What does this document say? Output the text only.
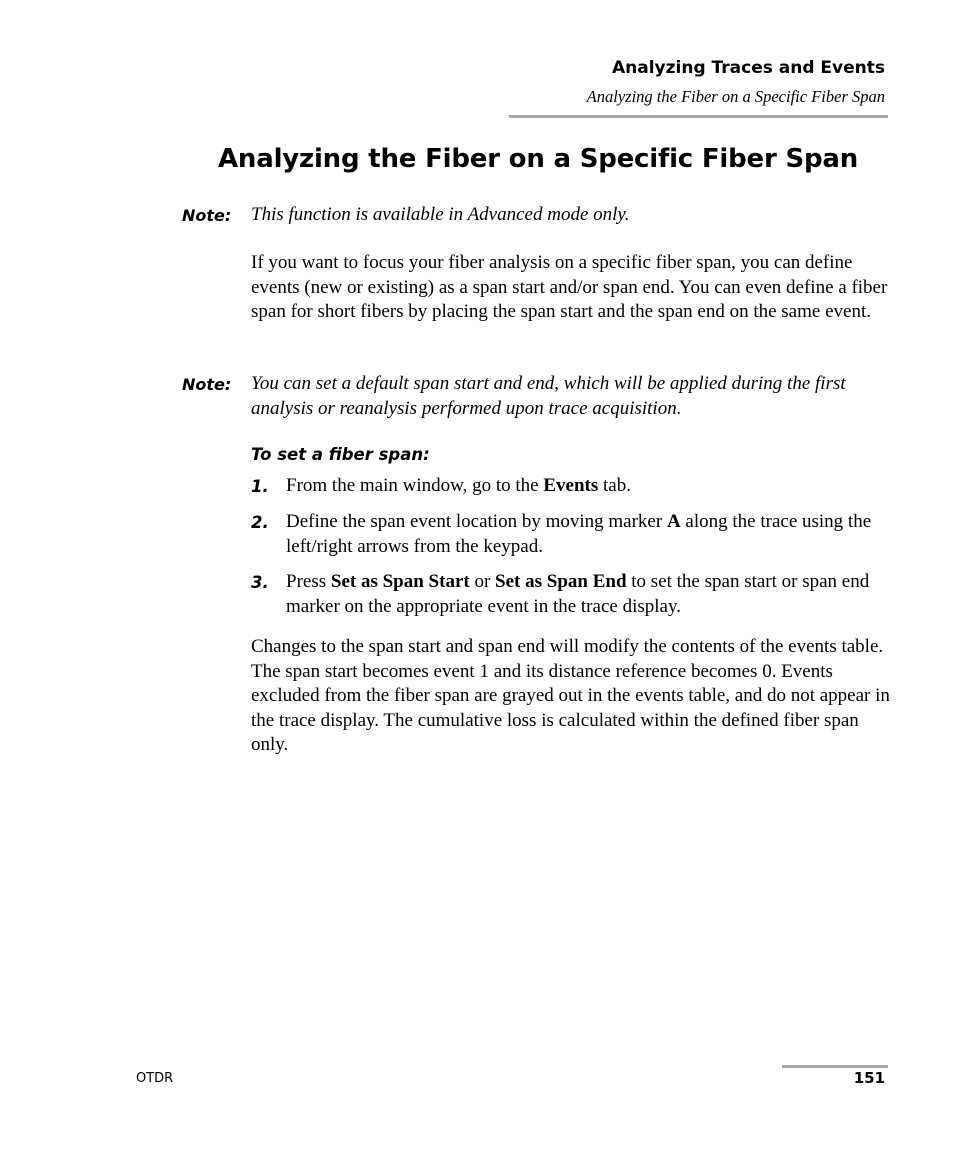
Analyzing Traces and Events
Analyzing the Fiber on a Specific Fiber Span
Analyzing the Fiber on a Specific Fiber Span
Note: This function is available in Advanced mode only.
If you want to focus your fiber analysis on a specific fiber span, you can define events (new or existing) as a span start and/or span end. You can even define a fiber span for short fibers by placing the span start and the span end on the same event.
Note: You can set a default span start and end, which will be applied during the first analysis or reanalysis performed upon trace acquisition.
To set a fiber span:
1. From the main window, go to the Events tab.
2. Define the span event location by moving marker A along the trace using the left/right arrows from the keypad.
3. Press Set as Span Start or Set as Span End to set the span start or span end marker on the appropriate event in the trace display.
Changes to the span start and span end will modify the contents of the events table. The span start becomes event 1 and its distance reference becomes 0. Events excluded from the fiber span are grayed out in the events table, and do not appear in the trace display. The cumulative loss is calculated within the defined fiber span only.
OTDR	151
